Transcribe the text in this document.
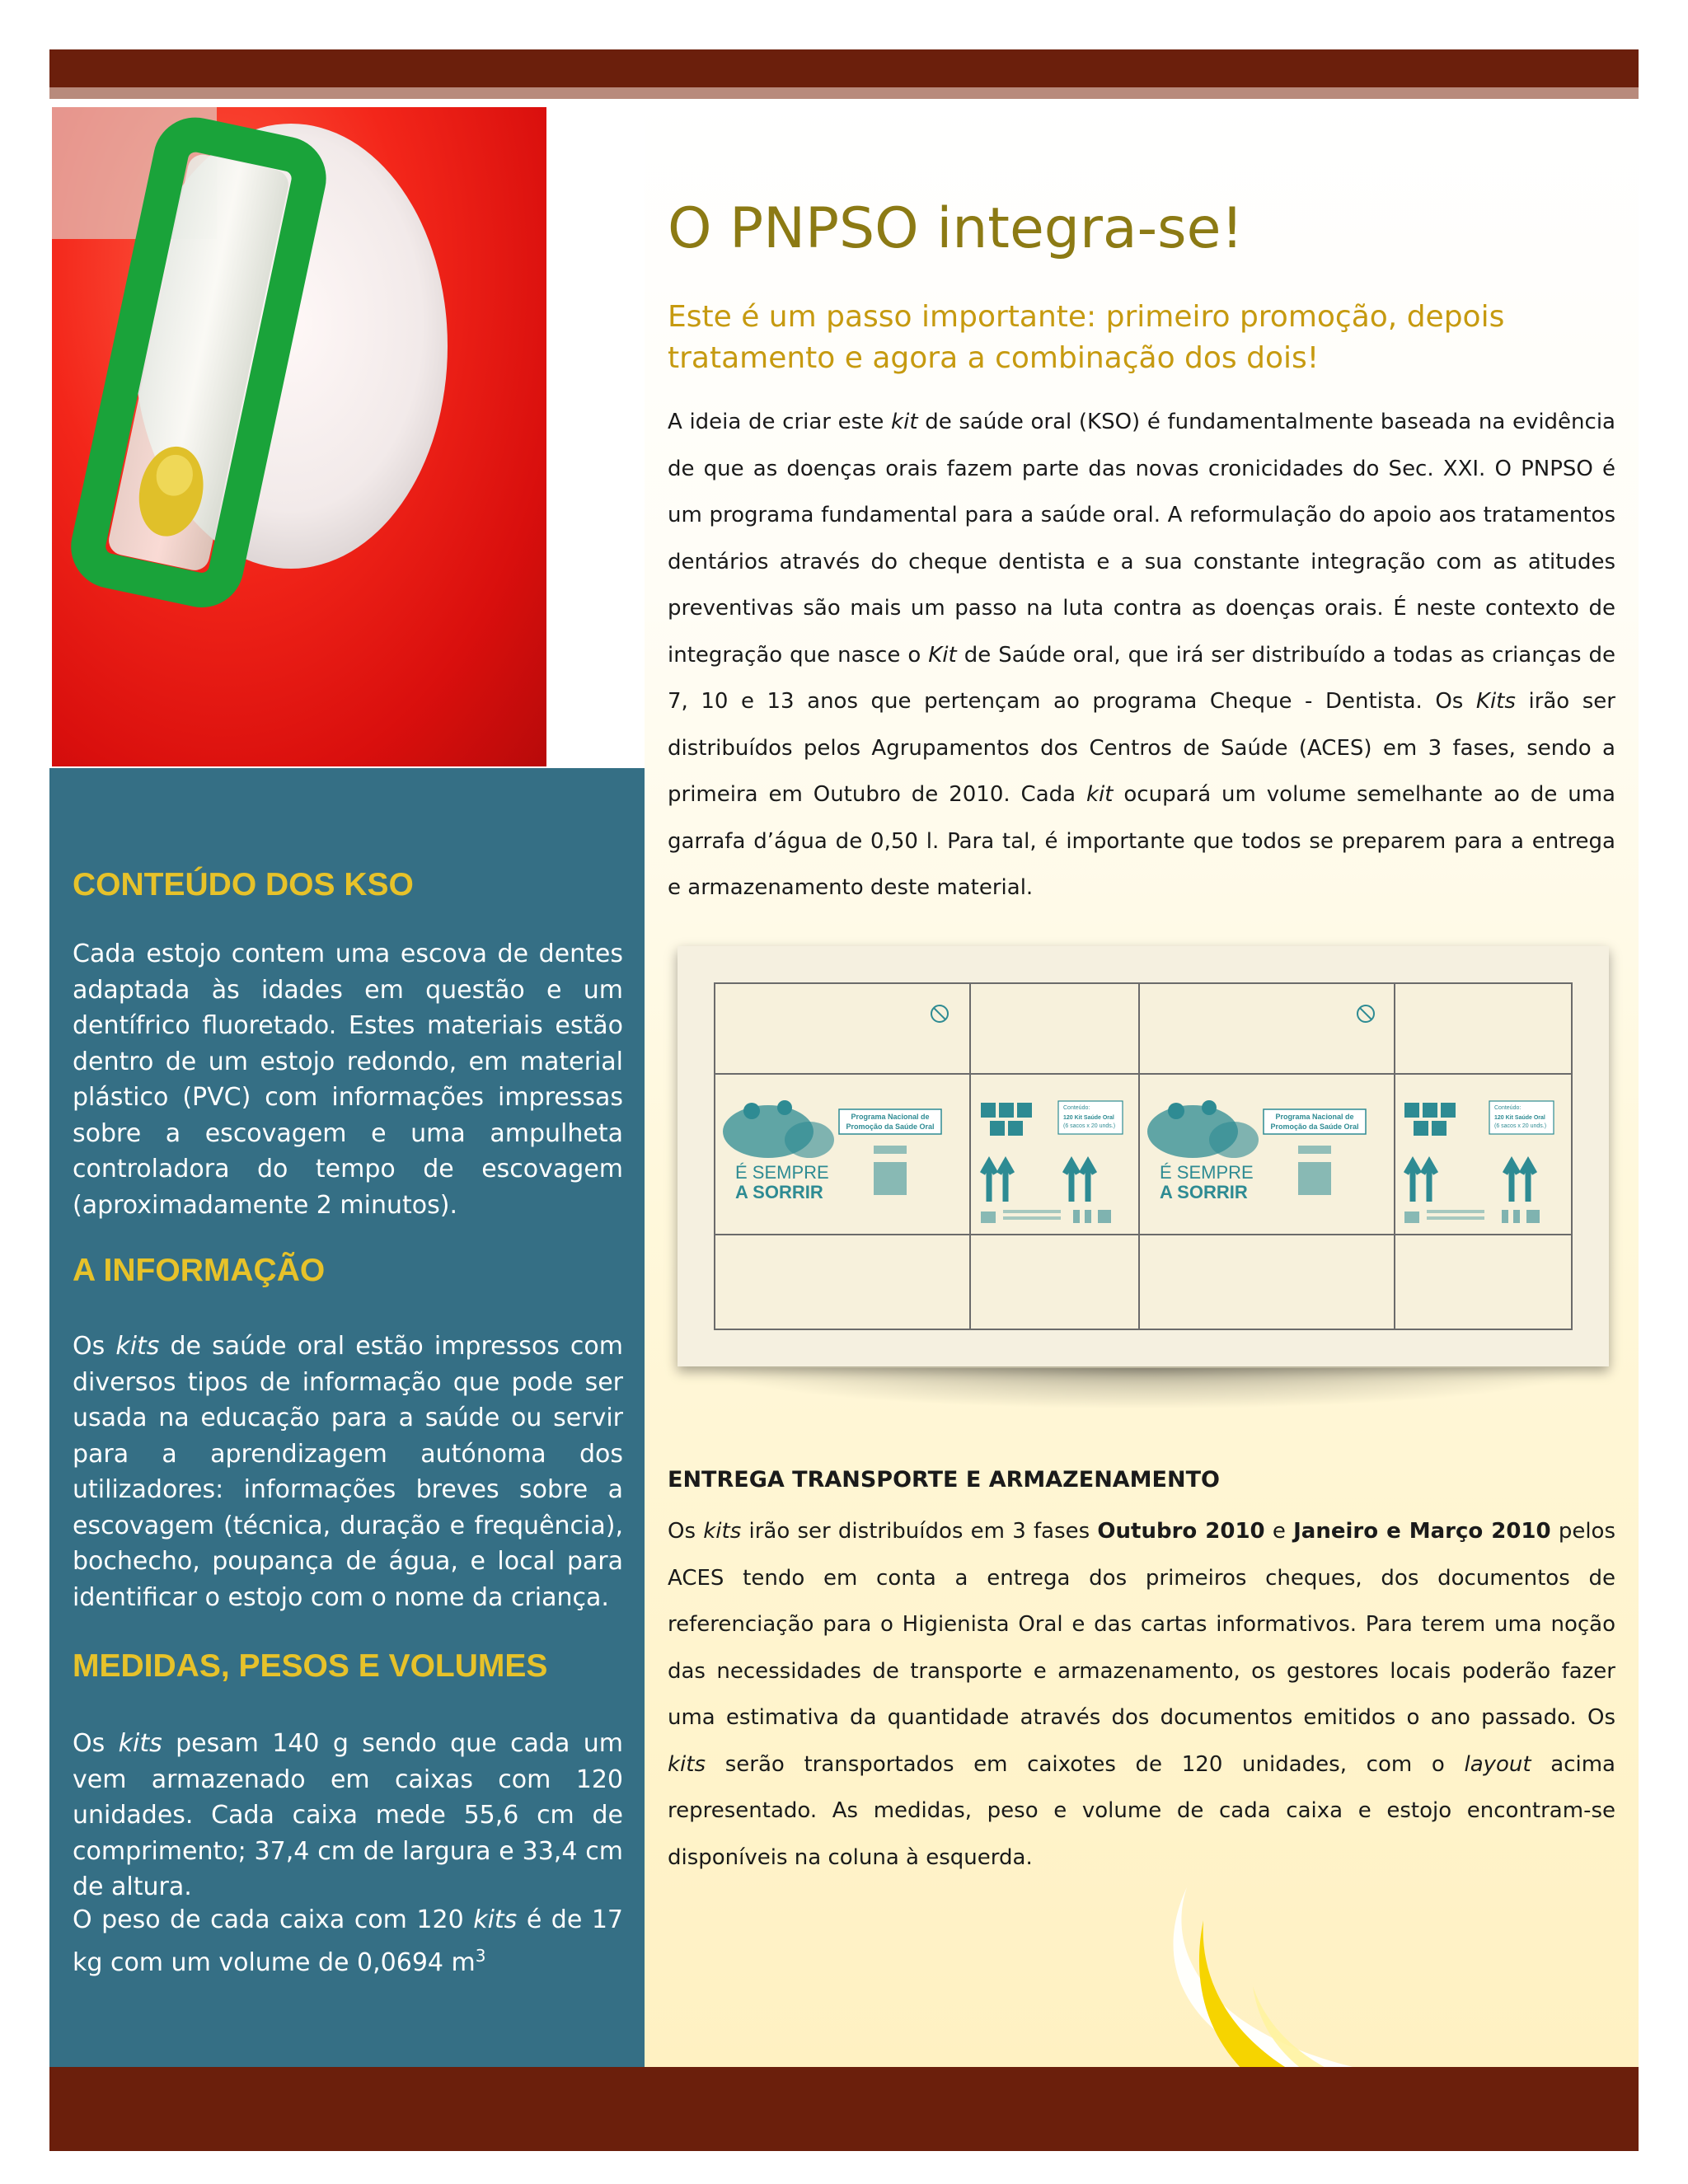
CONTEÚDO DOS KSO

Cada estojo contem uma escova de dentes adaptada às idades em questão e um dentífrico fluoretado. Estes materiais estão dentro de um estojo redondo, em material plástico (PVC) com informações impressas sobre a escovagem e uma ampulheta controladora do tempo de escovagem (aproximadamente 2 minutos).

A INFORMAÇÃO

Os kits de saúde oral estão impressos com diversos tipos de informação que pode ser usada na educação para a saúde ou servir para a aprendizagem autónoma dos utilizadores: informações breves sobre a escovagem (técnica, duração e frequência), bochecho, poupança de água, e local para identificar o estojo com o nome da criança.

MEDIDAS, PESOS E VOLUMES

Os kits pesam 140 g sendo que cada um vem armazenado em caixas com 120 unidades. Cada caixa mede 55,6 cm de comprimento; 37,4 cm de largura e 33,4 cm de altura.

O peso de cada caixa com 120 kits é de 17 kg com um volume de 0,0694 $m^3$

O PNPSO integra-se!

Este é um passo importante: primeiro promoção, depois tratamento e agora a combinação dos dois!

A ideia de criar este kit de saúde oral (KSO) é fundamentalmente baseada na evidência de que as doenças orais fazem parte das novas cronicidades do Sec. XXI. O PNPSO é um programa fundamental para a saúde oral. A reformulação do apoio aos tratamentos dentários através do cheque dentista e a sua constante integração com as atitudes preventivas são mais um passo na luta contra as doenças orais. É neste contexto de integração que nasce o Kit de Saúde oral, que irá ser distribuído a todas as crianças de 7, 10 e 13 anos que pertençam ao programa Cheque - Dentista. Os Kits irão ser distribuídos pelos Agrupamentos dos Centros de Saúde (ACES) em 3 fases, sendo a primeira em Outubro de 2010. Cada kit ocupará um volume semelhante ao de uma garrafa d’água de 0,50 l. Para tal, é importante que todos se preparem para a entrega e armazenamento deste material.

É SEMPRE
A SORRIR
Programa Nacional de
Promoção da Saúde Oral
Conteúdo:
120 Kit Saúde Oral
(6 sacos x 20 unds.)
É SEMPRE
A SORRIR
Programa Nacional de
Promoção da Saúde Oral
Conteúdo:
120 Kit Saúde Oral
(6 sacos x 20 unds.)
ENTREGA TRANSPORTE E ARMAZENAMENTO

Os kits irão ser distribuídos em 3 fases Outubro 2010 e Janeiro e Março 2010 pelos ACES tendo em conta a entrega dos primeiros cheques, dos documentos de referenciação para o Higienista Oral e das cartas informativos. Para terem uma noção das necessidades de transporte e armazenamento, os gestores locais poderão fazer uma estimativa da quantidade através dos documentos emitidos o ano passado. Os kits serão transportados em caixotes de 120 unidades, com o layout acima representado. As medidas, peso e volume de cada caixa e estojo encontram-se disponíveis na coluna à esquerda.
